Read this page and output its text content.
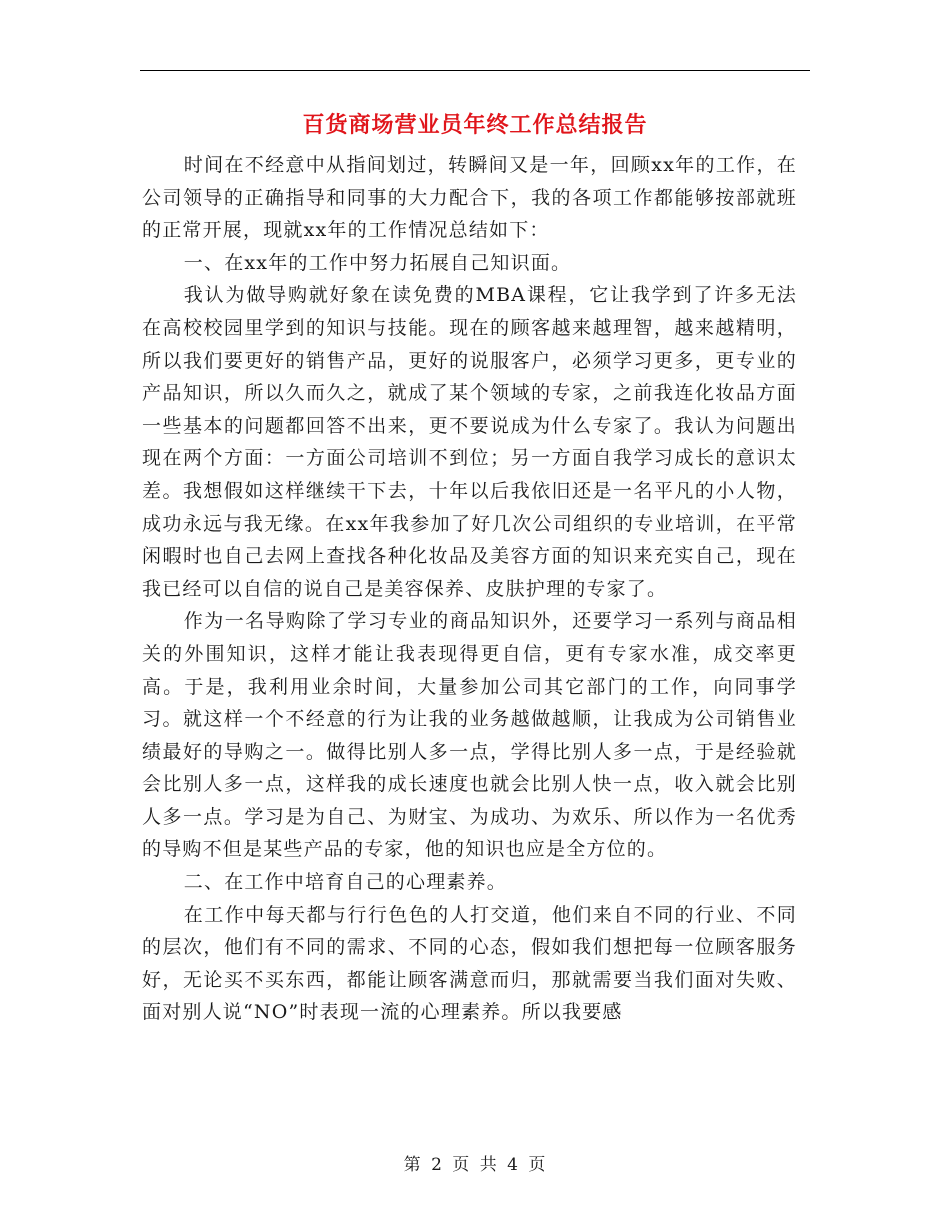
百货商场营业员年终工作总结报告

时间在不经意中从指间划过，转瞬间又是一年，回顾xx年的工作，在公司领导的正确指导和同事的大力配合下，我的各项工作都能够按部就班的正常开展，现就xx年的工作情况总结如下：

一、在xx年的工作中努力拓展自己知识面。

我认为做导购就好象在读免费的MBA课程，它让我学到了许多无法在高校校园里学到的知识与技能。现在的顾客越来越理智，越来越精明，所以我们要更好的销售产品，更好的说服客户，必须学习更多，更专业的产品知识，所以久而久之，就成了某个领域的专家，之前我连化妆品方面一些基本的问题都回答不出来，更不要说成为什么专家了。我认为问题出现在两个方面：一方面公司培训不到位；另一方面自我学习成长的意识太差。我想假如这样继续干下去，十年以后我依旧还是一名平凡的小人物，成功永远与我无缘。在xx年我参加了好几次公司组织的专业培训，在平常闲暇时也自己去网上查找各种化妆品及美容方面的知识来充实自己，现在我已经可以自信的说自己是美容保养、皮肤护理的专家了。

作为一名导购除了学习专业的商品知识外，还要学习一系列与商品相关的外围知识，这样才能让我表现得更自信，更有专家水准，成交率更高。于是，我利用业余时间，大量参加公司其它部门的工作，向同事学习。就这样一个不经意的行为让我的业务越做越顺，让我成为公司销售业绩最好的导购之一。做得比别人多一点，学得比别人多一点，于是经验就会比别人多一点，这样我的成长速度也就会比别人快一点，收入就会比别人多一点。学习是为自己、为财宝、为成功、为欢乐、所以作为一名优秀的导购不但是某些产品的专家，他的知识也应是全方位的。

二、在工作中培育自己的心理素养。

在工作中每天都与行行色色的人打交道，他们来自不同的行业、不同的层次，他们有不同的需求、不同的心态，假如我们想把每一位顾客服务好，无论买不买东西，都能让顾客满意而归，那就需要当我们面对失败、面对别人说“NO”时表现一流的心理素养。所以我要感

第 2 页 共 4 页
